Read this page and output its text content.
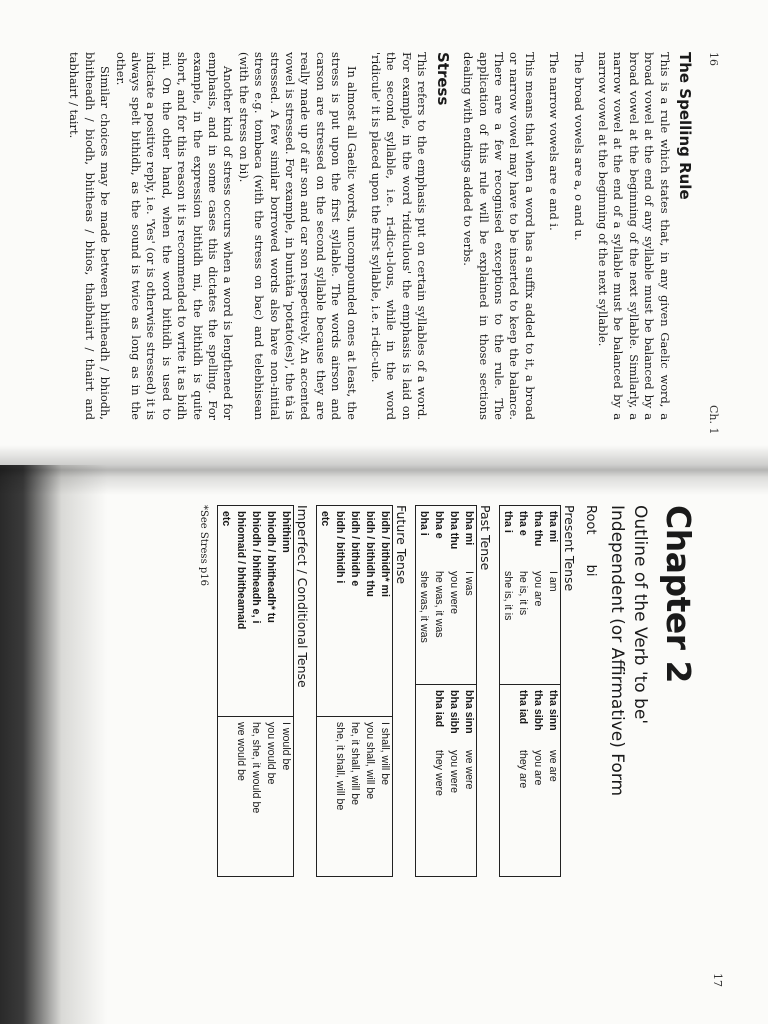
16
Ch. 1
The Spelling Rule

This is a rule which states that, in any given Gaelic word, a broad vowel at the end of any syllable must be balanced by a broad vowel at the beginning of the next syllable. Similarly, a narrow vowel at the end of a syllable must be balanced by a narrow vowel at the beginning of the next syllable.

The broad vowels are a, o and u.

The narrow vowels are e and i.

This means that when a word has a suffix added to it, a broad or narrow vowel may have to be inserted to keep the balance. There are a few recognised exceptions to the rule. The application of this rule will be explained in those sections dealing with endings added to verbs.

Stress

This refers to the emphasis put on certain syllables of a word. For example, in the word 'ridiculous' the emphasis is laid on the second syllable, i.e. ri-dic-u-lous, while in the word 'ridicule' it is placed upon the first syllable, i.e. ri-dic-ule.

In almost all Gaelic words, uncompounded ones at least, the stress is put upon the first syllable. The words airson and carson are stressed on the second syllable because they are really made up of air son and car son respectively. An accented vowel is stressed. For example, in buntàta 'potato(es)', the tà is stressed. A few similar borrowed words also have non-initial stress e.g. tombaca (with the stress on bac) and telebhisean (with the stress on bi).

Another kind of stress occurs when a word is lengthened for emphasis, and in some cases this dictates the spelling. For example, in the expression bithidh mi, the bithidh is quite short, and for this reason it is recommended to write it as bidh mi. On the other hand, when the word bithidh is used to indicate a positive reply, i.e. 'Yes' (or is otherwise stressed) it is always spelt bithidh, as the sound is twice as long as in the other.

Similar choices may be made between bhitheadh / bhiodh, bhitheadh / biodh, bhitheas / bhios, thaibhairt / thairt and tabhairt / tairt.

17
Chapter 2
Outline of the Verb 'to be'
Independent (or Affirmative) Form
Root bi
Present Tense
tha mi	I am	tha sinn	we are
tha thu	you are	tha sibh	you are
tha e	he is, it is	tha iad	they are
tha i	she is, it is		
Past Tense
bha mi	I was	bha sinn	we were
bha thu	you were	bha sibh	you were
bha e	he was, it was	bha iad	they were
bha i	she was, it was		
Future Tense
bidh / bithidh* mi	I shall, will be
bidh / bithidh thu	you shall, will be
bidh / bithidh e	he, it shall, will be
bidh / bithidh i	she, it shall, will be
etc	
Imperfect / Conditional Tense
bhithinn	I would be
bhiodh / bhitheadh* tu	you would be
bhiodh / bhitheadh e, i	he, she, it would be
bhiomaid / bhitheamaid	we would be
etc	
*See Stress p16
